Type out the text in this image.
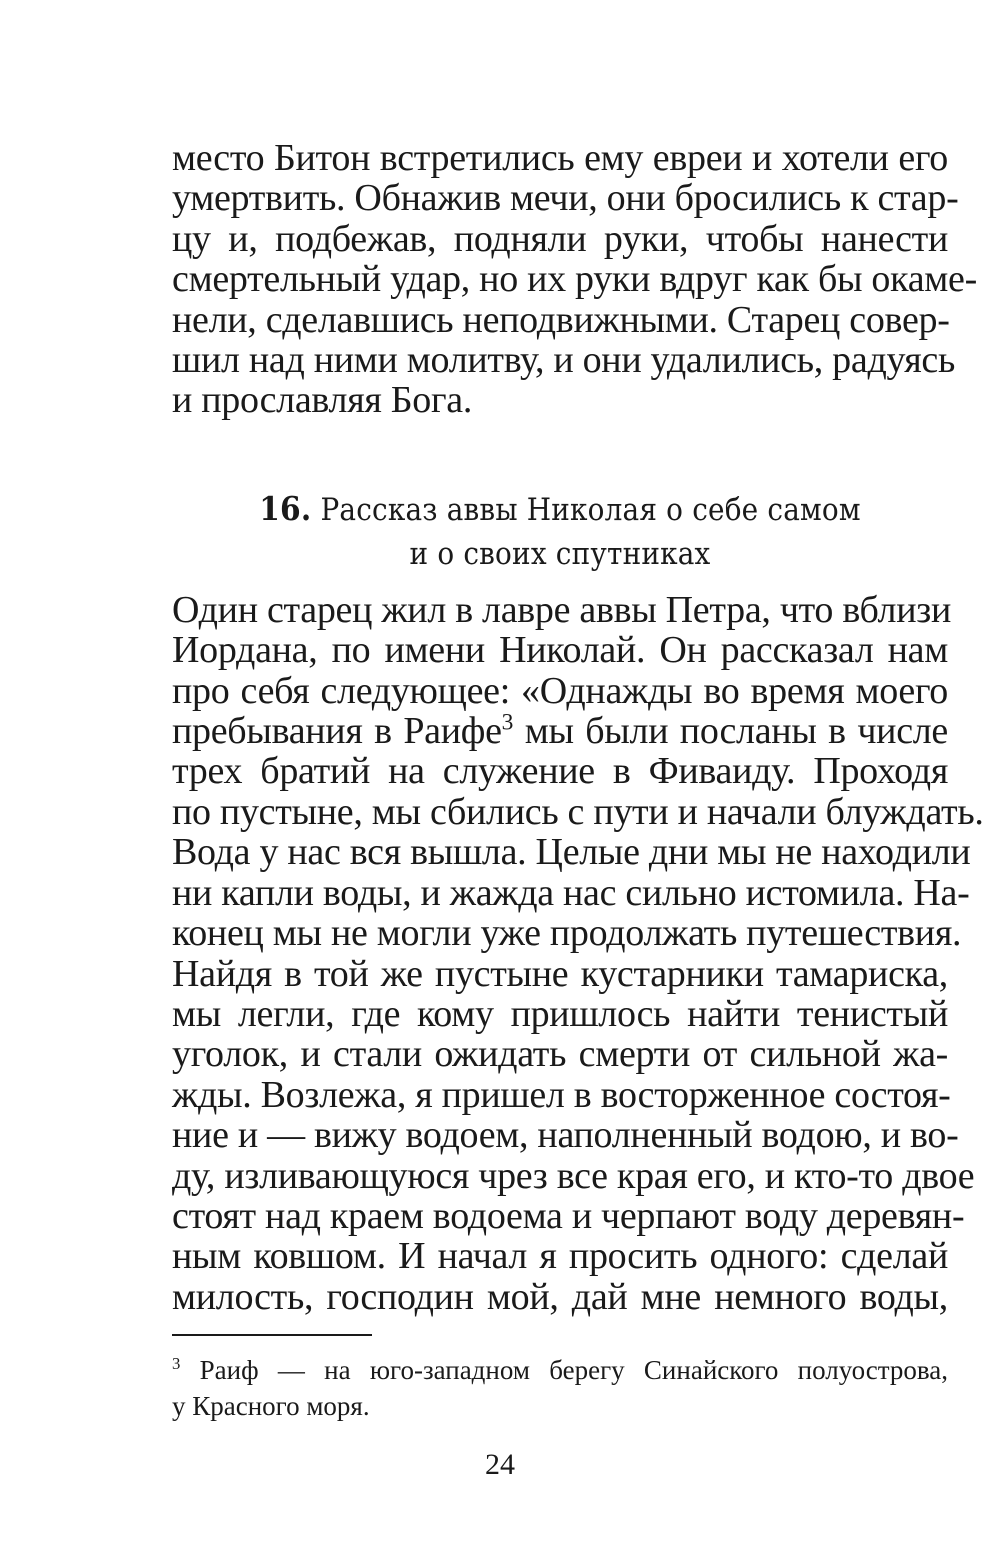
место Битон встретились ему евреи и хотели его
умертвить. Обнажив мечи, они бросились к стар-
цу и, подбежав, подняли руки, чтобы нанести
смертельный удар, но их руки вдруг как бы окаме-
нели, сделавшись неподвижными. Старец совер-
шил над ними молитву, и они удалились, радуясь
и прославляя Бога.

16. Рассказ аввы Николая о себе самом
и о своих спутниках

Один старец жил в лавре аввы Петра, что вблизи
Иордана, по имени Николай. Он рассказал нам
про себя следующее: «Однажды во время моего
пребывания в Раифе$^3$ мы были посланы в числе
трех братий на служение в Фиваиду. Проходя
по пустыне, мы сбились с пути и начали блуждать.
Вода у нас вся вышла. Целые дни мы не находили
ни капли воды, и жажда нас сильно истомила. На-
конец мы не могли уже продолжать путешествия.
Найдя в той же пустыне кустарники тамариска,
мы легли, где кому пришлось найти тенистый
уголок, и стали ожидать смерти от сильной жа-
жды. Возлежа, я пришел в восторженное состоя-
ние и — вижу водоем, наполненный водою, и во-
ду, изливающуюся чрез все края его, и кто-то двое
стоят над краем водоема и черпают воду деревян-
ным ковшом. И начал я просить одного: сделай
милость, господин мой, дай мне немного воды,

$^3$ Раиф — на юго-западном берегу Синайского полуострова,
у Красного моря.

24
